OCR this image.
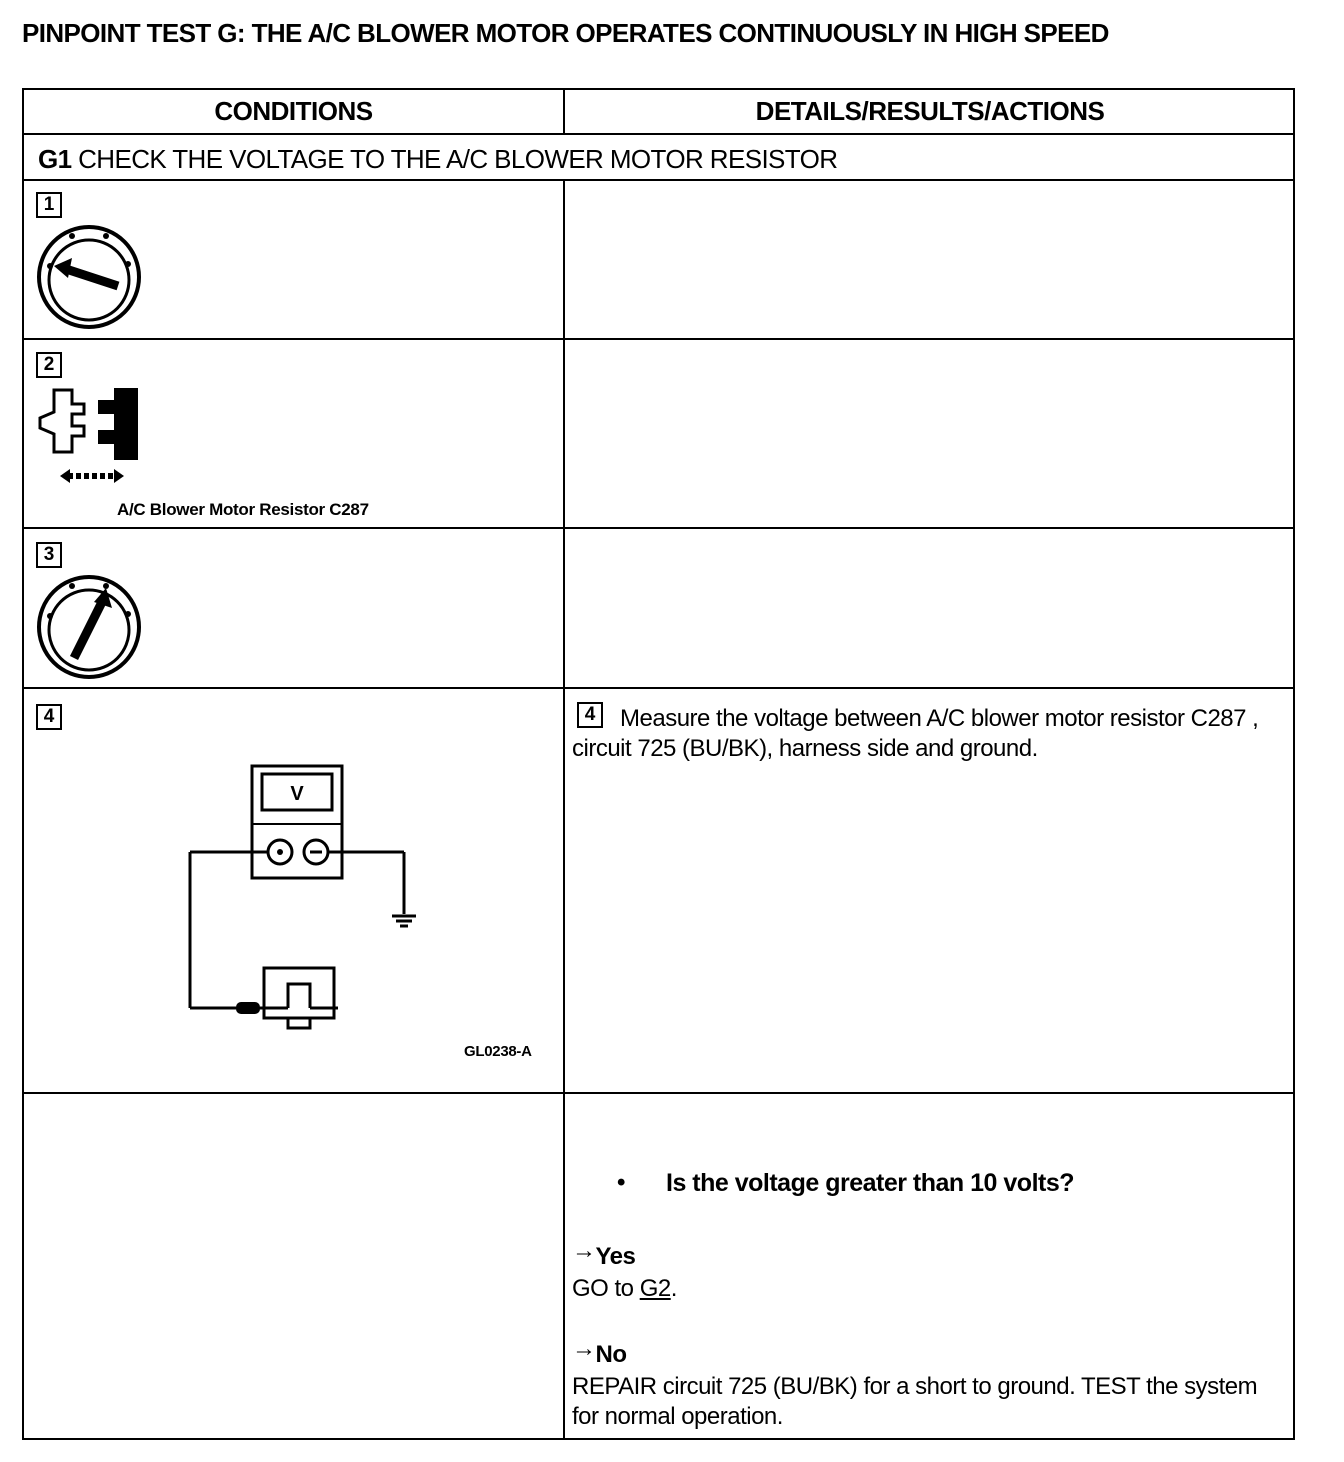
PINPOINT TEST G: THE A/C BLOWER MOTOR OPERATES CONTINUOUSLY IN HIGH SPEED
CONDITIONS	DETAILS/RESULTS/ACTIONS
G1 CHECK THE VOLTAGE TO THE A/C BLOWER MOTOR RESISTOR
1
2
A/C Blower Motor Resistor C287
3
4
V
GL0238-A
4	Measure the voltage between A/C blower motor resistor C287 , circuit 725 (BU/BK), harness side and ground.
• Is the voltage greater than 10 volts?
→Yes
GO to G2.
→No
REPAIR circuit 725 (BU/BK) for a short to ground. TEST the system for normal operation.
